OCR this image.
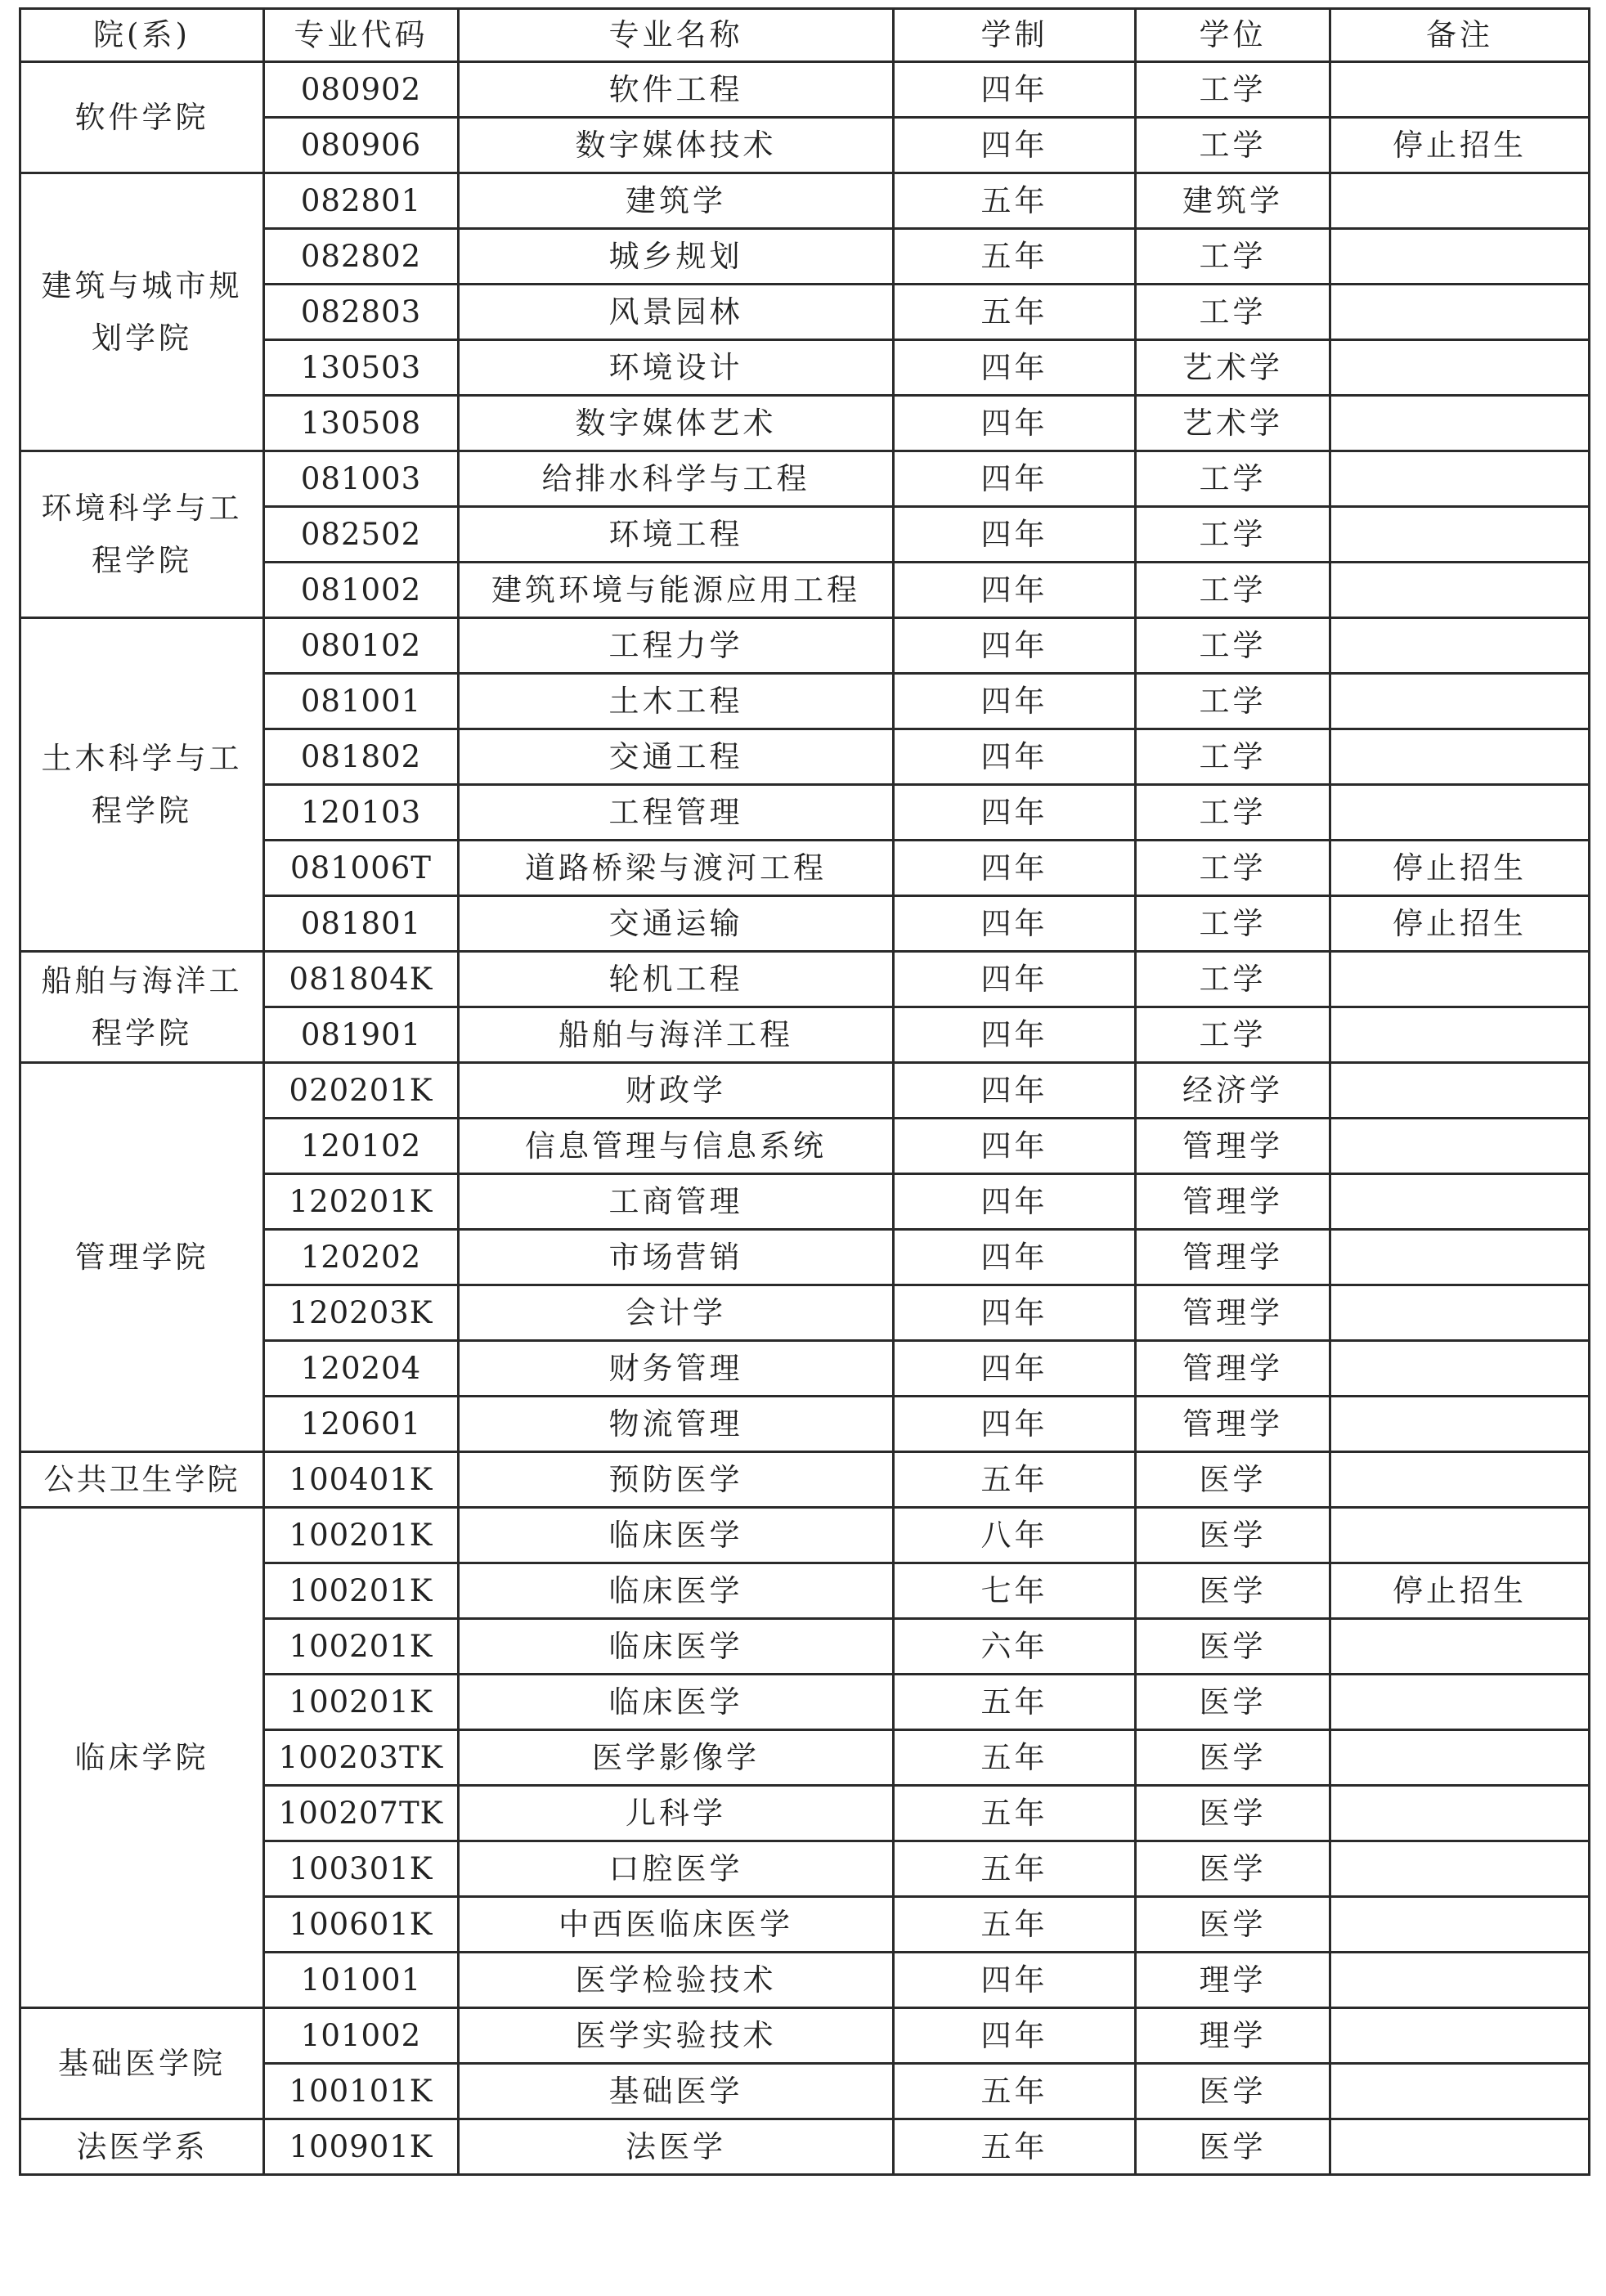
院(系)	专业代码	专业名称	学制	学位	备注
软件学院	080902	软件工程	四年	工学	
	080906	数字媒体技术	四年	工学	停止招生
建筑与城市规划学院	082801	建筑学	五年	建筑学	
	082802	城乡规划	五年	工学	
	082803	风景园林	五年	工学	
	130503	环境设计	四年	艺术学	
	130508	数字媒体艺术	四年	艺术学	
环境科学与工程学院	081003	给排水科学与工程	四年	工学	
	082502	环境工程	四年	工学	
	081002	建筑环境与能源应用工程	四年	工学	
土木科学与工程学院	080102	工程力学	四年	工学	
	081001	土木工程	四年	工学	
	081802	交通工程	四年	工学	
	120103	工程管理	四年	工学	
	081006T	道路桥梁与渡河工程	四年	工学	停止招生
	081801	交通运输	四年	工学	停止招生
船舶与海洋工程学院	081804K	轮机工程	四年	工学	
	081901	船舶与海洋工程	四年	工学	
管理学院	020201K	财政学	四年	经济学	
	120102	信息管理与信息系统	四年	管理学	
	120201K	工商管理	四年	管理学	
	120202	市场营销	四年	管理学	
	120203K	会计学	四年	管理学	
	120204	财务管理	四年	管理学	
	120601	物流管理	四年	管理学	
公共卫生学院	100401K	预防医学	五年	医学	
临床学院	100201K	临床医学	八年	医学	
	100201K	临床医学	七年	医学	停止招生
	100201K	临床医学	六年	医学	
	100201K	临床医学	五年	医学	
	100203TK	医学影像学	五年	医学	
	100207TK	儿科学	五年	医学	
	100301K	口腔医学	五年	医学	
	100601K	中西医临床医学	五年	医学	
	101001	医学检验技术	四年	理学	
基础医学院	101002	医学实验技术	四年	理学	
	100101K	基础医学	五年	医学	
法医学系	100901K	法医学	五年	医学	
